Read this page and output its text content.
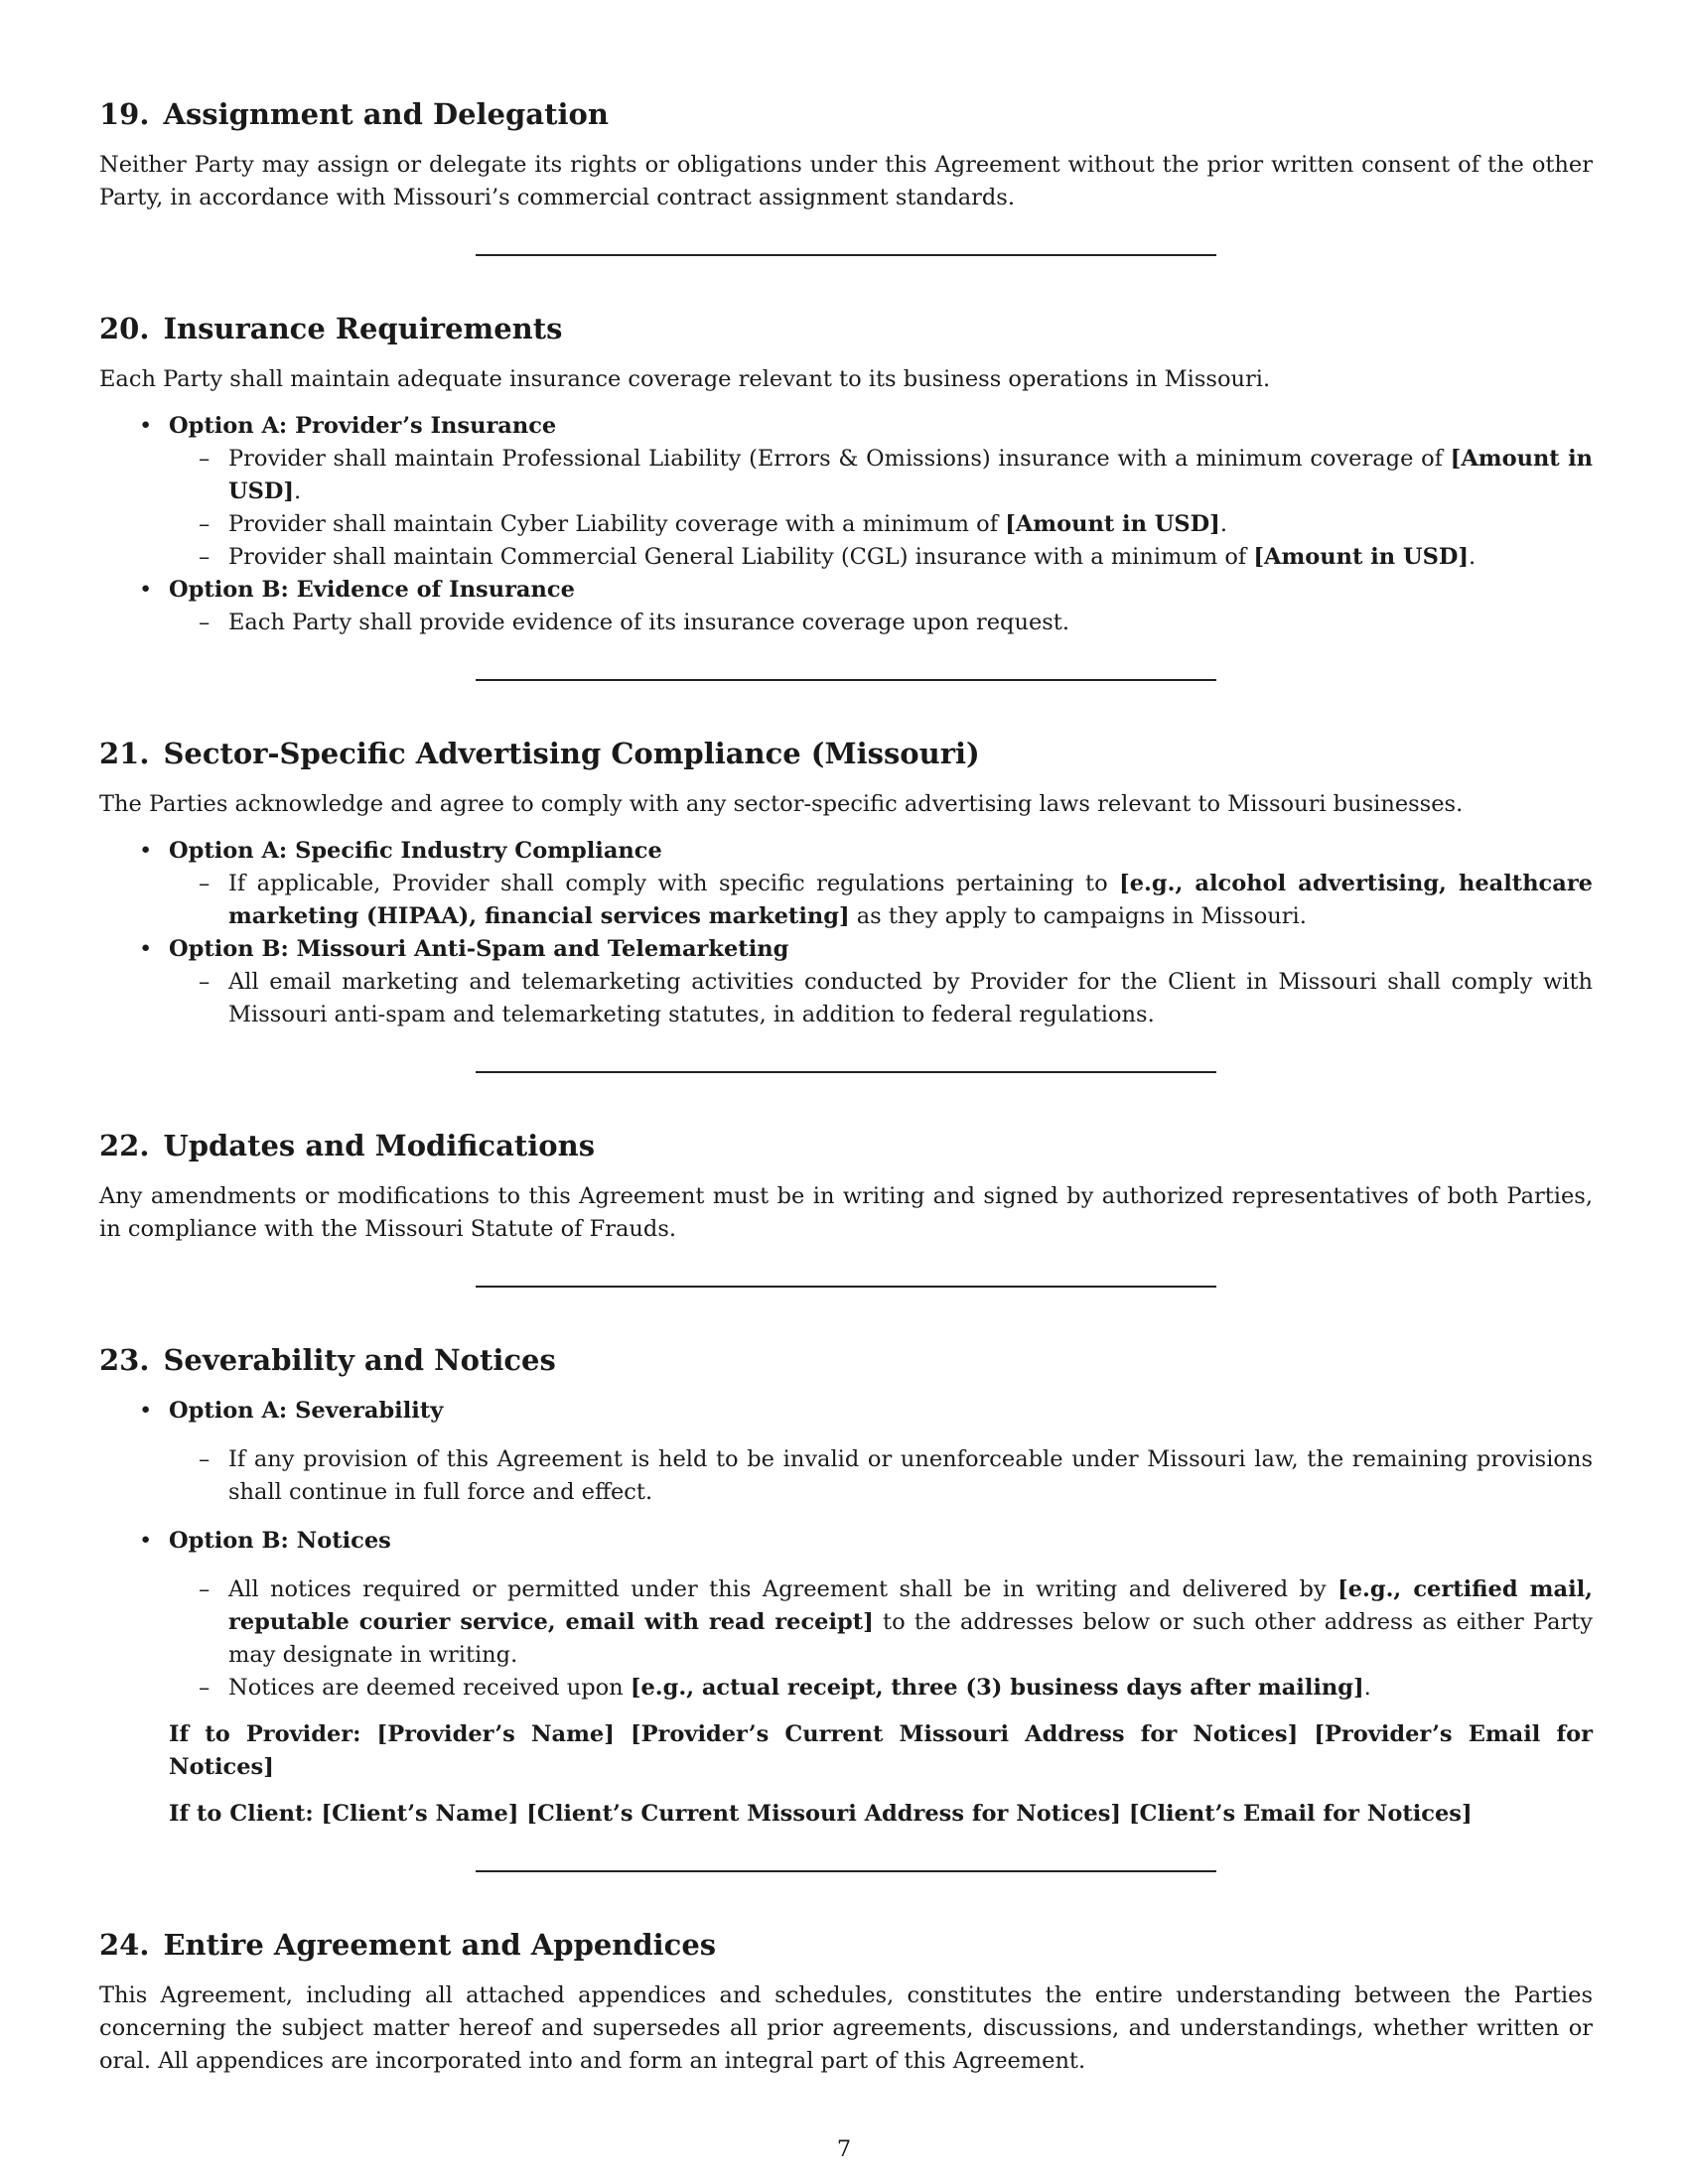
19. Assignment and Delegation

Neither Party may assign or delegate its rights or obligations under this Agreement without the prior written consent of the other Party, in accordance with Missouri’s commercial contract assignment standards.

20. Insurance Requirements

Each Party shall maintain adequate insurance coverage relevant to its business operations in Missouri.

• Option A: Provider’s Insurance
– Provider shall maintain Professional Liability (Errors & Omissions) insurance with a minimum coverage of [Amount in USD].
– Provider shall maintain Cyber Liability coverage with a minimum of [Amount in USD].
– Provider shall maintain Commercial General Liability (CGL) insurance with a minimum of [Amount in USD].
• Option B: Evidence of Insurance
– Each Party shall provide evidence of its insurance coverage upon request.
21. Sector-Specific Advertising Compliance (Missouri)

The Parties acknowledge and agree to comply with any sector-specific advertising laws relevant to Missouri businesses.

• Option A: Specific Industry Compliance
– If applicable, Provider shall comply with specific regulations pertaining to [e.g., alcohol advertising, healthcare marketing (HIPAA), financial services marketing] as they apply to campaigns in Missouri.
• Option B: Missouri Anti-Spam and Telemarketing
– All email marketing and telemarketing activities conducted by Provider for the Client in Missouri shall comply with Missouri anti-spam and telemarketing statutes, in addition to federal regulations.
22. Updates and Modifications

Any amendments or modifications to this Agreement must be in writing and signed by authorized representatives of both Parties, in compliance with the Missouri Statute of Frauds.

23. Severability and Notices
• Option A: Severability
– If any provision of this Agreement is held to be invalid or unenforceable under Missouri law, the remaining provisions shall continue in full force and effect.
• Option B: Notices
– All notices required or permitted under this Agreement shall be in writing and delivered by [e.g., certified mail, reputable courier service, email with read receipt] to the addresses below or such other address as either Party may designate in writing.
– Notices are deemed received upon [e.g., actual receipt, three (3) business days after mailing].

If to Provider: [Provider’s Name] [Provider’s Current Missouri Address for Notices] [Provider’s Email for Notices]

If to Client: [Client’s Name] [Client’s Current Missouri Address for Notices] [Client’s Email for Notices]

24. Entire Agreement and Appendices

This Agreement, including all attached appendices and schedules, constitutes the entire understanding between the Parties concerning the subject matter hereof and supersedes all prior agreements, discussions, and understandings, whether written or oral. All appendices are incorporated into and form an integral part of this Agreement.

7
